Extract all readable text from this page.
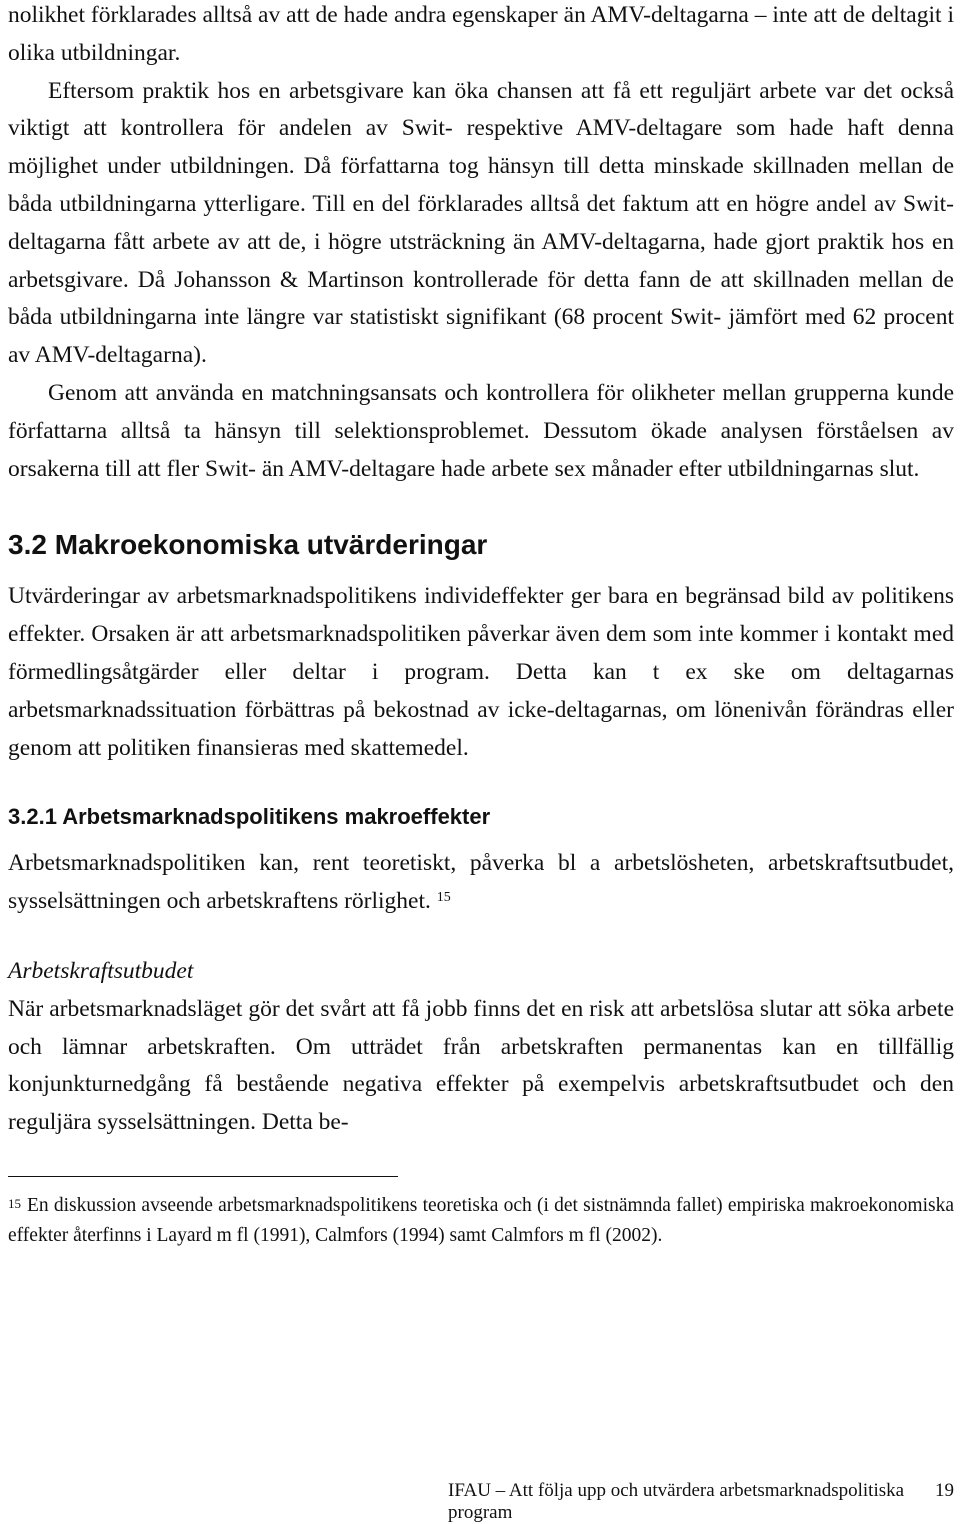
nolikhet förklarades alltså av att de hade andra egenskaper än AMV-deltagarna – inte att de deltagit i olika utbildningar.

Eftersom praktik hos en arbetsgivare kan öka chansen att få ett reguljärt arbete var det också viktigt att kontrollera för andelen av Swit- respektive AMV-deltagare som hade haft denna möjlighet under utbildningen. Då författarna tog hänsyn till detta minskade skillnaden mellan de båda utbildningarna ytterligare. Till en del förklarades alltså det faktum att en högre andel av Swit-deltagarna fått arbete av att de, i högre utsträckning än AMV-deltagarna, hade gjort praktik hos en arbetsgivare. Då Johansson & Martinson kontrollerade för detta fann de att skillnaden mellan de båda utbildningarna inte längre var statistiskt signifikant (68 procent Swit- jämfört med 62 procent av AMV-deltagarna).

Genom att använda en matchningsansats och kontrollera för olikheter mellan grupperna kunde författarna alltså ta hänsyn till selektionsproblemet. Dessutom ökade analysen förståelsen av orsakerna till att fler Swit- än AMV-deltagare hade arbete sex månader efter utbildningarnas slut.

3.2 Makroekonomiska utvärderingar

Utvärderingar av arbetsmarknadspolitikens individeffekter ger bara en begränsad bild av politikens effekter. Orsaken är att arbetsmarknadspolitiken påverkar även dem som inte kommer i kontakt med förmedlingsåtgärder eller deltar i program. Detta kan t ex ske om deltagarnas arbetsmarknadssituation förbättras på bekostnad av icke-deltagarnas, om lönenivån förändras eller genom att politiken finansieras med skattemedel.

3.2.1 Arbetsmarknadspolitikens makroeffekter

Arbetsmarknadspolitiken kan, rent teoretiskt, påverka bl a arbetslösheten, arbetskraftsutbudet, sysselsättningen och arbetskraftens rörlighet. $^{15}$

Arbetskraftsutbudet

När arbetsmarknadsläget gör det svårt att få jobb finns det en risk att arbetslösa slutar att söka arbete och lämnar arbetskraften. Om utträdet från arbetskraften permanentas kan en tillfällig konjunkturnedgång få bestående negativa effekter på exempelvis arbetskraftsutbudet och den reguljära sysselsättningen. Detta be-

$^{15}$ En diskussion avseende arbetsmarknadspolitikens teoretiska och (i det sistnämnda fallet) empiriska makroekonomiska effekter återfinns i Layard m fl (1991), Calmfors (1994) samt Calmfors m fl (2002).

IFAU – Att följa upp och utvärdera arbetsmarknadspolitiska program
19
